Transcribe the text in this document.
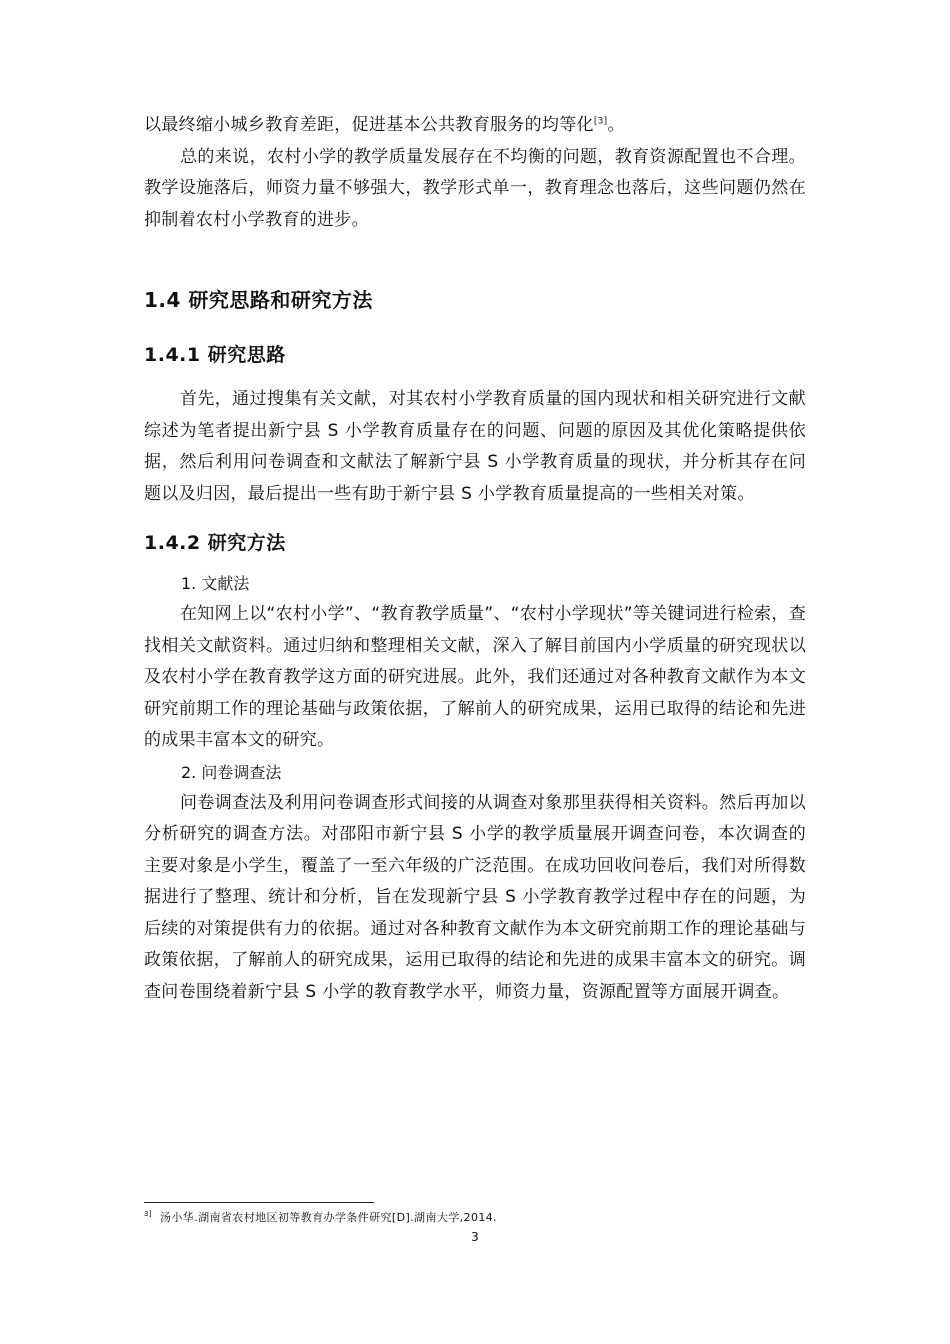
以最终缩小城乡教育差距，促进基本公共教育服务的均等化[3]。

总的来说，农村小学的教学质量发展存在不均衡的问题，教育资源配置也不合理。教学设施落后，师资力量不够强大，教学形式单一，教育理念也落后，这些问题仍然在抑制着农村小学教育的进步。

1.4 研究思路和研究方法
1.4.1 研究思路

首先，通过搜集有关文献，对其农村小学教育质量的国内现状和相关研究进行文献综述为笔者提出新宁县 S 小学教育质量存在的问题、问题的原因及其优化策略提供依据，然后利用问卷调查和文献法了解新宁县 S 小学教育质量的现状，并分析其存在问题以及归因，最后提出一些有助于新宁县 S 小学教育质量提高的一些相关对策。

1.4.2 研究方法

1. 文献法

在知网上以“农村小学”、“教育教学质量”、“农村小学现状”等关键词进行检索，查找相关文献资料。通过归纳和整理相关文献，深入了解目前国内小学质量的研究现状以及农村小学在教育教学这方面的研究进展。此外，我们还通过对各种教育文献作为本文研究前期工作的理论基础与政策依据，了解前人的研究成果，运用已取得的结论和先进的成果丰富本文的研究。

2. 问卷调查法

问卷调查法及利用问卷调查形式间接的从调查对象那里获得相关资料。然后再加以分析研究的调查方法。对邵阳市新宁县 S 小学的教学质量展开调查问卷，本次调查的主要对象是小学生，覆盖了一至六年级的广泛范围。在成功回收问卷后，我们对所得数据进行了整理、统计和分析，旨在发现新宁县 S 小学教育教学过程中存在的问题，为后续的对策提供有力的依据。通过对各种教育文献作为本文研究前期工作的理论基础与政策依据，了解前人的研究成果，运用已取得的结论和先进的成果丰富本文的研究。调查问卷围绕着新宁县 S 小学的教育教学水平，师资力量，资源配置等方面展开调查。

$^{3]}$ 汤小华.湖南省农村地区初等教育办学条件研究[D].湖南大学,2014.
3
